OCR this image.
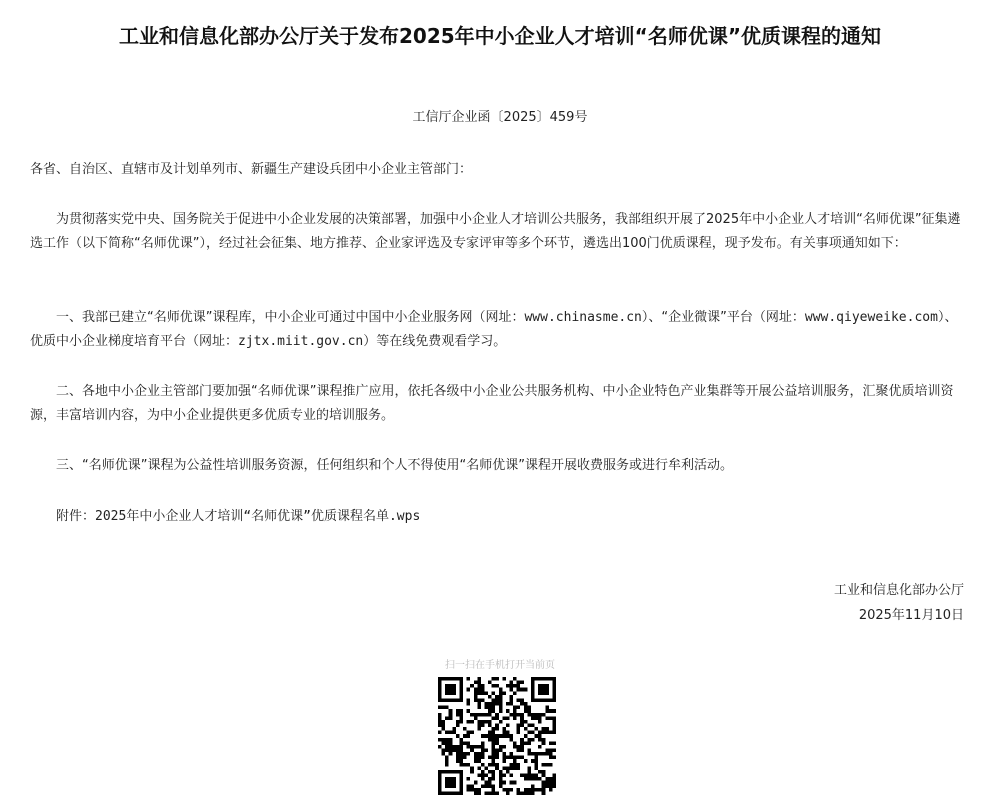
工业和信息化部办公厅关于发布2025年中小企业人才培训“名师优课”优质课程的通知
工信厅企业函〔2025〕459号

各省、自治区、直辖市及计划单列市、新疆生产建设兵团中小企业主管部门：

为贯彻落实党中央、国务院关于促进中小企业发展的决策部署，加强中小企业人才培训公共服务，我部组织开展了2025年中小企业人才培训“名师优课”征集遴选工作（以下简称“名师优课”），经过社会征集、地方推荐、企业家评选及专家评审等多个环节，遴选出100门优质课程，现予发布。有关事项通知如下：

一、我部已建立“名师优课”课程库，中小企业可通过中国中小企业服务网（网址：www.chinasme.cn）、“企业微课”平台（网址：www.qiyeweike.com）、优质中小企业梯度培育平台（网址：zjtx.miit.gov.cn）等在线免费观看学习。

二、各地中小企业主管部门要加强“名师优课”课程推广应用，依托各级中小企业公共服务机构、中小企业特色产业集群等开展公益培训服务，汇聚优质培训资源，丰富培训内容，为中小企业提供更多优质专业的培训服务。

三、“名师优课”课程为公益性培训服务资源，任何组织和个人不得使用“名师优课”课程开展收费服务或进行牟利活动。

附件：2025年中小企业人才培训“名师优课”优质课程名单.wps

工业和信息化部办公厅
2025年11月10日
扫一扫在手机打开当前页
